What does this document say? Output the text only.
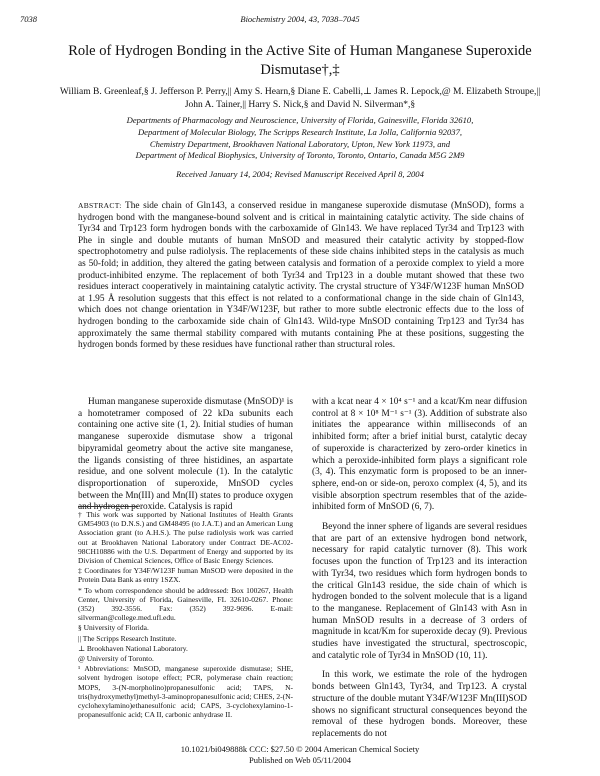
7038	Biochemistry 2004, 43, 7038–7045
Role of Hydrogen Bonding in the Active Site of Human Manganese Superoxide Dismutase†,‡
William B. Greenleaf,§ J. Jefferson P. Perry,|| Amy S. Hearn,§ Diane E. Cabelli,⊥ James R. Lepock,@ M. Elizabeth Stroupe,|| John A. Tainer,|| Harry S. Nick,§ and David N. Silverman*,§
Departments of Pharmacology and Neuroscience, University of Florida, Gainesville, Florida 32610,
Department of Molecular Biology, The Scripps Research Institute, La Jolla, California 92037,
Chemistry Department, Brookhaven National Laboratory, Upton, New York 11973, and
Department of Medical Biophysics, University of Toronto, Toronto, Ontario, Canada M5G 2M9
Received January 14, 2004; Revised Manuscript Received April 8, 2004
ABSTRACT: The side chain of Gln143, a conserved residue in manganese superoxide dismutase (MnSOD), forms a hydrogen bond with the manganese-bound solvent and is critical in maintaining catalytic activity. The side chains of Tyr34 and Trp123 form hydrogen bonds with the carboxamide of Gln143. We have replaced Tyr34 and Trp123 with Phe in single and double mutants of human MnSOD and measured their catalytic activity by stopped-flow spectrophotometry and pulse radiolysis. The replacements of these side chains inhibited steps in the catalysis as much as 50-fold; in addition, they altered the gating between catalysis and formation of a peroxide complex to yield a more product-inhibited enzyme. The replacement of both Tyr34 and Trp123 in a double mutant showed that these two residues interact cooperatively in maintaining catalytic activity. The crystal structure of Y34F/W123F human MnSOD at 1.95 Å resolution suggests that this effect is not related to a conformational change in the side chain of Gln143, which does not change orientation in Y34F/W123F, but rather to more subtle electronic effects due to the loss of hydrogen bonding to the carboxamide side chain of Gln143. Wild-type MnSOD containing Trp123 and Tyr34 has approximately the same thermal stability compared with mutants containing Phe at these positions, suggesting the hydrogen bonds formed by these residues have functional rather than structural roles.

Human manganese superoxide dismutase (MnSOD)¹ is a homotetramer composed of 22 kDa subunits each containing one active site (1, 2). Initial studies of human manganese superoxide dismutase show a trigonal bipyramidal geometry about the active site manganese, the ligands consisting of three histidines, an aspartate residue, and one solvent molecule (1). In the catalytic disproportionation of superoxide, MnSOD cycles between the Mn(III) and Mn(II) states to produce oxygen and hydrogen peroxide. Catalysis is rapid

† This work was supported by National Institutes of Health Grants GM54903 (to D.N.S.) and GM48495 (to J.A.T.) and an American Lung Association grant (to A.H.S.). The pulse radiolysis work was carried out at Brookhaven National Laboratory under Contract DE-AC02-98CH10886 with the U.S. Department of Energy and supported by its Division of Chemical Sciences, Office of Basic Energy Sciences.

‡ Coordinates for Y34F/W123F human MnSOD were deposited in the Protein Data Bank as entry 1SZX.

* To whom correspondence should be addressed: Box 100267, Health Center, University of Florida, Gainesville, FL 32610-0267. Phone: (352) 392-3556. Fax: (352) 392-9696. E-mail: silverman@college.med.ufl.edu.

§ University of Florida.

|| The Scripps Research Institute.

⊥ Brookhaven National Laboratory.

@ University of Toronto.

¹ Abbreviations: MnSOD, manganese superoxide dismutase; SHE, solvent hydrogen isotope effect; PCR, polymerase chain reaction; MOPS, 3-(N-morpholino)propanesulfonic acid; TAPS, N-tris(hydroxymethyl)methyl-3-aminopropanesulfonic acid; CHES, 2-(N-cyclohexylamino)ethanesulfonic acid; CAPS, 3-cyclohexylamino-1-propanesulfonic acid; CA II, carbonic anhydrase II.

with a kcat near 4 × 10⁴ s⁻¹ and a kcat/Km near diffusion control at 8 × 10⁸ M⁻¹ s⁻¹ (3). Addition of substrate also initiates the appearance within milliseconds of an inhibited form; after a brief initial burst, catalytic decay of superoxide is characterized by zero-order kinetics in which a peroxide-inhibited form plays a significant role (3, 4). This enzymatic form is proposed to be an inner-sphere, end-on or side-on, peroxo complex (4, 5), and its visible absorption spectrum resembles that of the azide-inhibited form of MnSOD (6, 7).

Beyond the inner sphere of ligands are several residues that are part of an extensive hydrogen bond network, necessary for rapid catalytic turnover (8). This work focuses upon the function of Trp123 and its interaction with Tyr34, two residues which form hydrogen bonds to the critical Gln143 residue, the side chain of which is hydrogen bonded to the solvent molecule that is a ligand to the manganese. Replacement of Gln143 with Asn in human MnSOD results in a decrease of 3 orders of magnitude in kcat/Km for superoxide decay (9). Previous studies have investigated the structural, spectroscopic, and catalytic role of Tyr34 in MnSOD (10, 11).

In this work, we estimate the role of the hydrogen bonds between Gln143, Tyr34, and Trp123. A crystal structure of the double mutant Y34F/W123F Mn(III)SOD shows no significant structural consequences beyond the removal of these hydrogen bonds. Moreover, these replacements do not

10.1021/bi049888k CCC: $27.50 © 2004 American Chemical Society
Published on Web 05/11/2004
